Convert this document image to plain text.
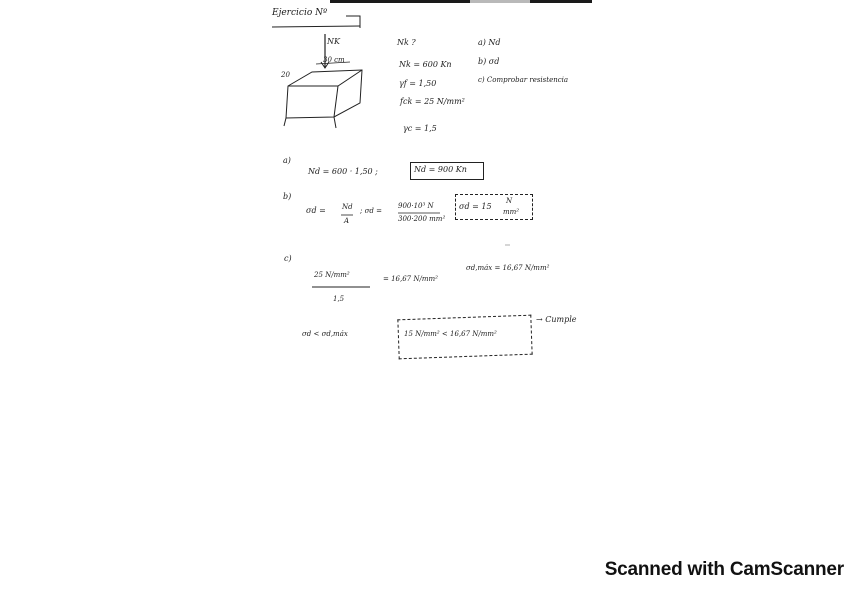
Ejercicio Nº
NK
30 cm
20
Nk ?
Nk = 600 Kn
γf = 1,50
fck = 25 N/mm²
γc = 1,5
a) Nd
b) σd
c) Comprobar resistencia
a)
Nd = 600 · 1,50 ;	Nd = 900 Kn
b)
σd = Nd
A
; σd =
900·10³ N
300·200 mm²
σd = 15
N
mm²
c)
25 N/mm²
1,5
= 16,67 N/mm²
σd,máx = 16,67 N/mm²
σd < σd,máx	15 N/mm² < 16,67 N/mm²
→ Cumple
Scanned with CamScanner
